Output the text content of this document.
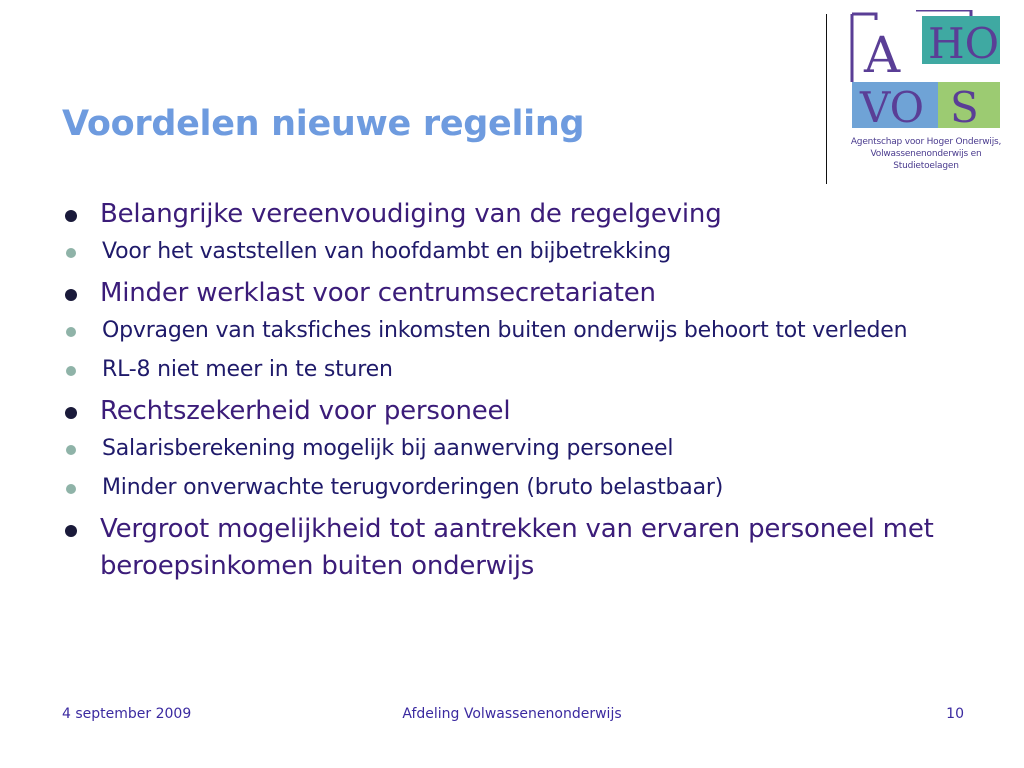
Voordelen nieuwe regeling
A HO
VO S
Agentschap voor Hoger Onderwijs,
Volwassenenonderwijs en Studietoelagen
Belangrijke vereenvoudiging van de regelgeving
Voor het vaststellen van hoofdambt en bijbetrekking
Minder werklast voor centrumsecretariaten
Opvragen van taksfiches inkomsten buiten onderwijs behoort tot verleden
RL-8 niet meer in te sturen
Rechtszekerheid voor personeel
Salarisberekening mogelijk bij aanwerving personeel
Minder onverwachte terugvorderingen (bruto belastbaar)
Vergroot mogelijkheid tot aantrekken van ervaren personeel met beroepsinkomen buiten onderwijs
4 september 2009	Afdeling Volwassenenonderwijs	10
